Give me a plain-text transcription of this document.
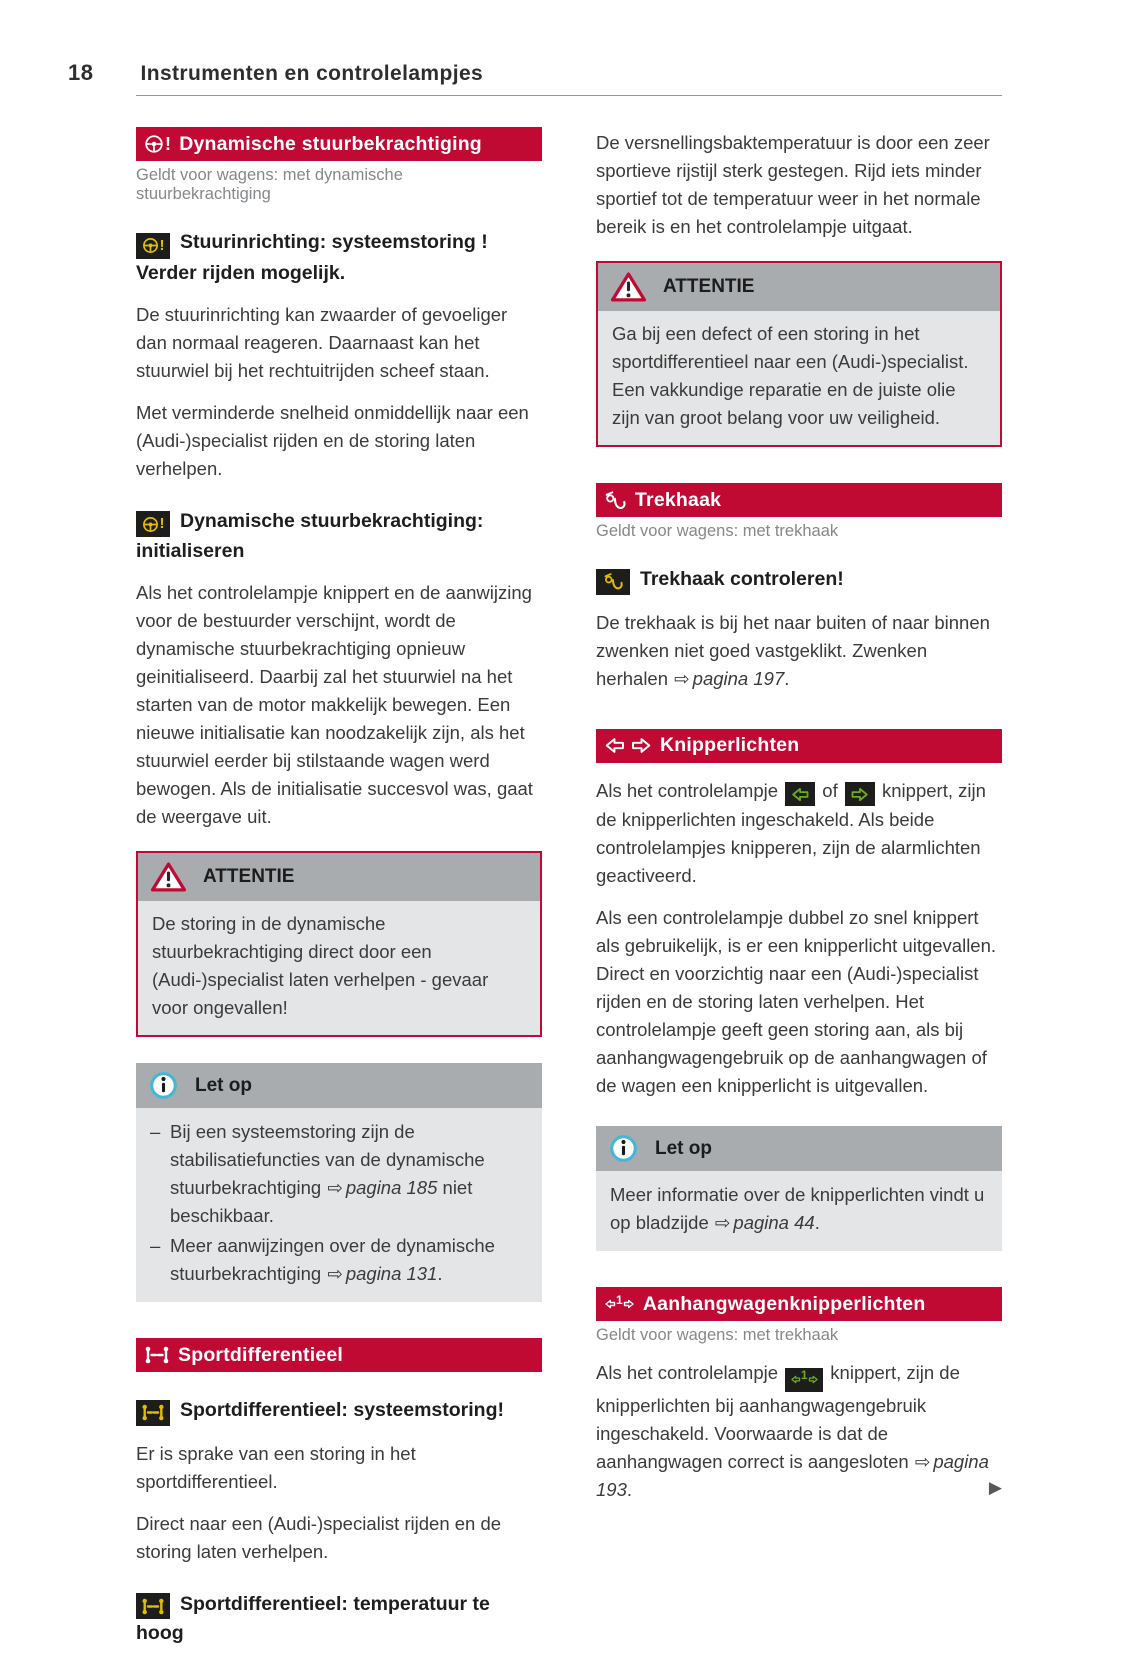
18 Instrumenten en controlelampjes
! Dynamische stuurbekrachtiging
Geldt voor wagens: met dynamische stuurbekrachtiging
! Stuurinrichting: systeemstoring ! Verder rijden mogelijk.
De stuurinrichting kan zwaarder of gevoeliger dan normaal reageren. Daarnaast kan het stuurwiel bij het rechtuitrijden scheef staan.
Met verminderde snelheid onmiddellijk naar een (Audi-)specialist rijden en de storing laten verhelpen.
! Dynamische stuurbekrachtiging: initialiseren
Als het controlelampje knippert en de aanwijzing voor de bestuurder verschijnt, wordt de dynamische stuurbekrachtiging opnieuw geinitialiseerd. Daarbij zal het stuurwiel na het starten van de motor makkelijk bewegen. Een nieuwe initialisatie kan noodzakelijk zijn, als het stuurwiel eerder bij stilstaande wagen werd bewogen. Als de initialisatie succesvol was, gaat de weergave uit.
ATTENTIE
De storing in de dynamische stuurbekrachtiging direct door een (Audi-)specialist laten verhelpen - gevaar voor ongevallen!
Let op
– Bij een systeemstoring zijn de stabilisatiefuncties van de dynamische stuurbekrachtiging ⇨ pagina 185 niet beschikbaar.
– Meer aanwijzingen over de dynamische stuurbekrachtiging ⇨ pagina 131.
Sportdifferentieel
Sportdifferentieel: systeemstoring!
Er is sprake van een storing in het sportdifferentieel.
Direct naar een (Audi-)specialist rijden en de storing laten verhelpen.
Sportdifferentieel: temperatuur te hoog
De versnellingsbaktemperatuur is door een zeer sportieve rijstijl sterk gestegen. Rijd iets minder sportief tot de temperatuur weer in het normale bereik is en het controlelampje uitgaat.
ATTENTIE
Ga bij een defect of een storing in het sportdifferentieel naar een (Audi-)specialist. Een vakkundige reparatie en de juiste olie zijn van groot belang voor uw veiligheid.
Trekhaak
Geldt voor wagens: met trekhaak
Trekhaak controleren!
De trekhaak is bij het naar buiten of naar binnen zwenken niet goed vastgeklikt. Zwenken herhalen ⇨ pagina 197.
Knipperlichten
Als het controlelampje
of
knippert, zijn de knipperlichten ingeschakeld. Als beide controlelampjes knipperen, zijn de alarmlichten geactiveerd.
Als een controlelampje dubbel zo snel knippert als gebruikelijk, is er een knipperlicht uitgevallen. Direct en voorzichtig naar een (Audi-)specialist rijden en de storing laten verhelpen. Het controlelampje geeft geen storing aan, als bij aanhangwagengebruik op de aanhangwagen of de wagen een knipperlicht is uitgevallen.
Let op
Meer informatie over de knipperlichten vindt u op bladzijde ⇨ pagina 44.
1 Aanhangwagenknipperlichten
Geldt voor wagens: met trekhaak
Als het controlelampje 1 knippert, zijn de knipperlichten bij aanhangwagengebruik ingeschakeld. Voorwaarde is dat de aanhangwagen correct is aangesloten ⇨ pagina 193.	▶
